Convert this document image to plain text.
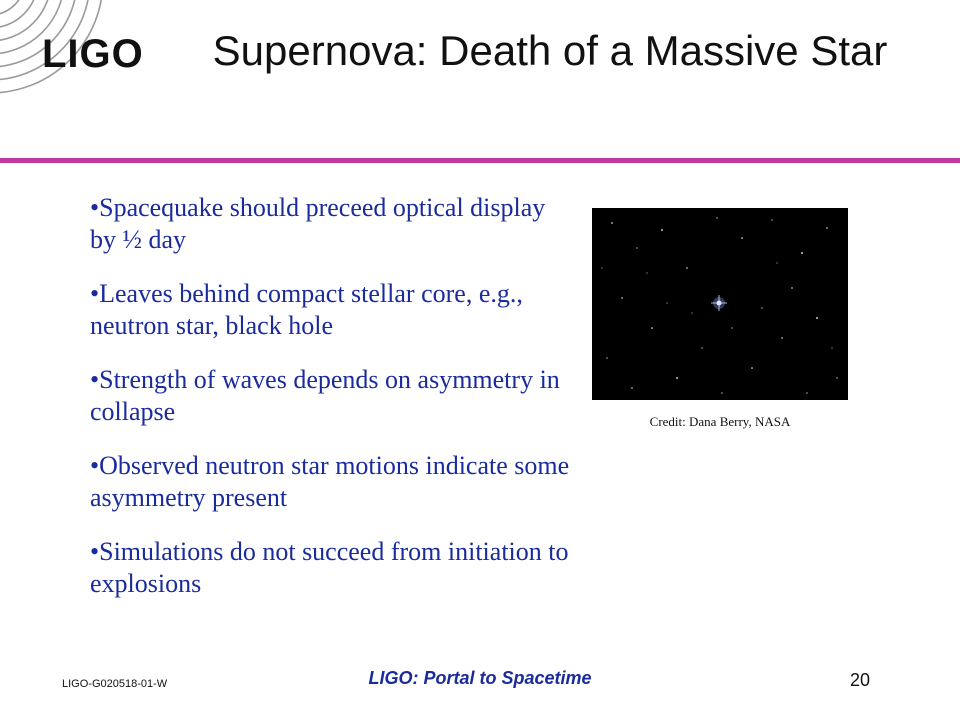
LIGO	Supernova: Death of a Massive Star
•Spacequake should preceed optical display by ½ day
•Leaves behind compact stellar core, e.g., neutron star, black hole
•Strength of waves depends on asymmetry in collapse
•Observed neutron star motions indicate some asymmetry present
•Simulations do not succeed from initiation to explosions
Credit: Dana Berry, NASA
LIGO-G020518-01-W	LIGO: Portal to Spacetime	20
